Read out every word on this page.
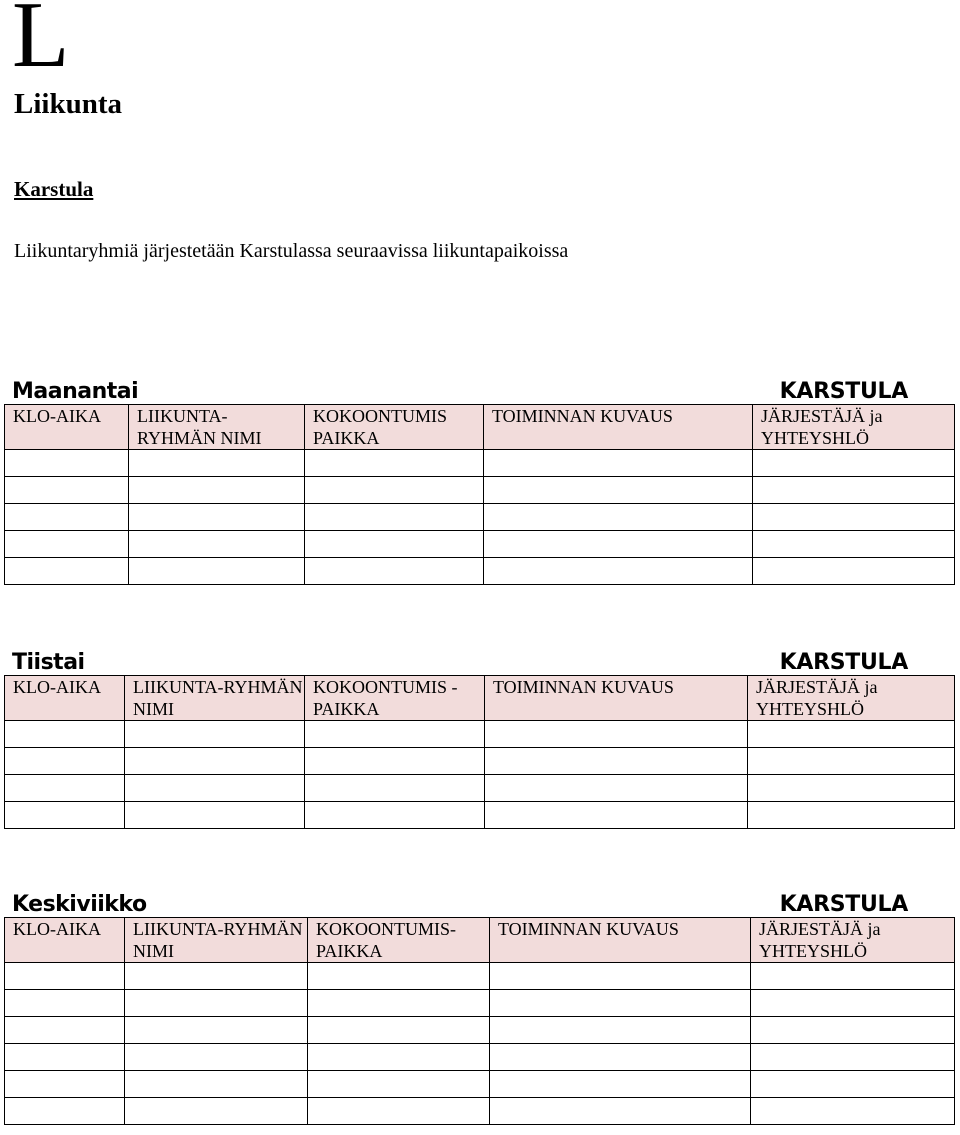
L
Liikunta
Karstula
Liikuntaryhmiä järjestetään Karstulassa seuraavissa liikuntapaikoissa
Maanantai	KARSTULA
KLO-AIKA	LIIKUNTA-RYHMÄN NIMI	KOKOONTUMIS PAIKKA	TOIMINNAN KUVAUS	JÄRJESTÄJÄ ja YHTEYSHLÖ

Tiistai	KARSTULA
KLO-AIKA	LIIKUNTA-RYHMÄN NIMI	KOKOONTUMIS -PAIKKA	TOIMINNAN KUVAUS	JÄRJESTÄJÄ ja YHTEYSHLÖ

Keskiviikko	KARSTULA
KLO-AIKA	LIIKUNTA-RYHMÄN NIMI	KOKOONTUMIS-PAIKKA	TOIMINNAN KUVAUS	JÄRJESTÄJÄ ja YHTEYSHLÖ
